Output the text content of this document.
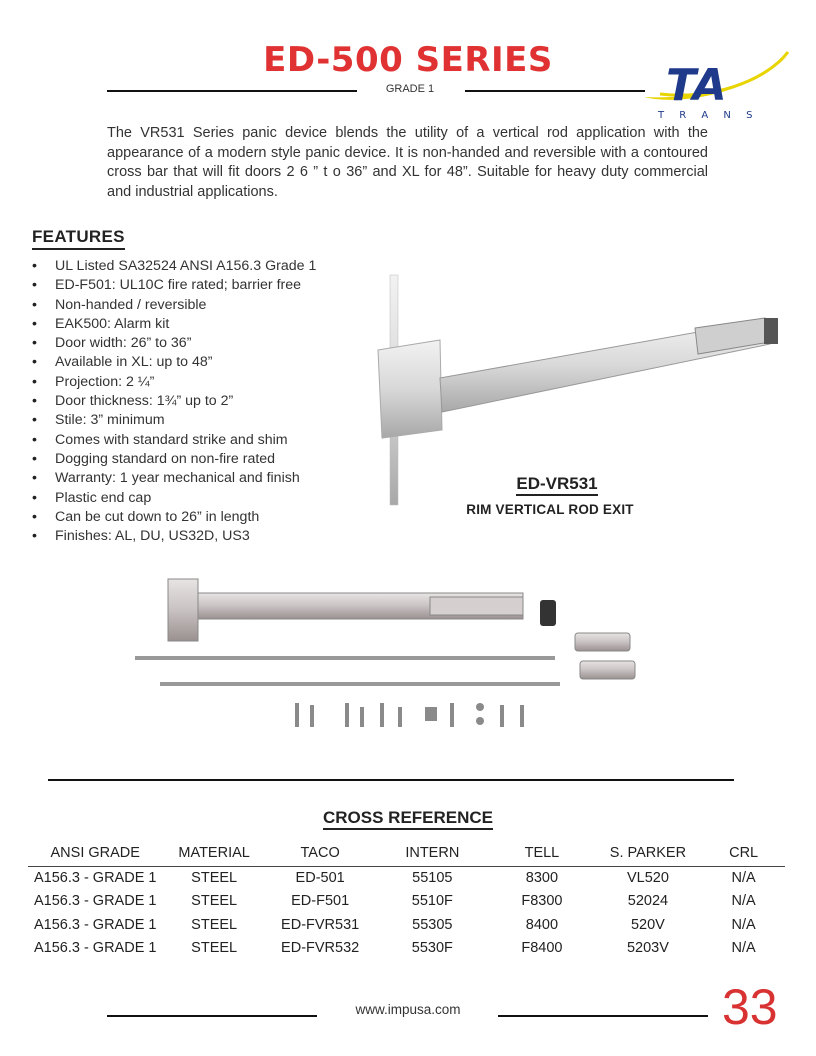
ED-500 SERIES
GRADE 1	TA
T R A N S

The VR531 Series panic device blends the utility of a vertical rod application with the appearance of a modern style panic device. It is non-handed and reversible with a contoured cross bar that will fit doors 2 6 ” t o 36” and XL for 48”. Suitable for heavy duty commercial and industrial applications.

FEATURES
• UL Listed SA32524 ANSI A156.3 Grade 1
• ED-F501: UL10C fire rated; barrier free
• Non-handed / reversible
• EAK500: Alarm kit
• Door width: 26” to 36”
• Available in XL: up to 48”
• Projection: 2 ¼”
• Door thickness: 1¾” up to 2”
• Stile: 3” minimum
• Comes with standard strike and shim
• Dogging standard on non-fire rated
• Warranty: 1 year mechanical and finish
• Plastic end cap
• Can be cut down to 26” in length
• Finishes: AL, DU, US32D, US3
ED-VR531
RIM VERTICAL ROD EXIT
CROSS REFERENCE
ANSI GRADE	MATERIAL	TACO	INTERN	TELL	S. PARKER	CRL
A156.3 - GRADE 1	STEEL	ED-501	55105	8300	VL520	N/A
A156.3 - GRADE 1	STEEL	ED-F501	5510F	F8300	52024	N/A
A156.3 - GRADE 1	STEEL	ED-FVR531	55305	8400	520V	N/A
A156.3 - GRADE 1	STEEL	ED-FVR532	5530F	F8400	5203V	N/A
www.impusa.com	33
